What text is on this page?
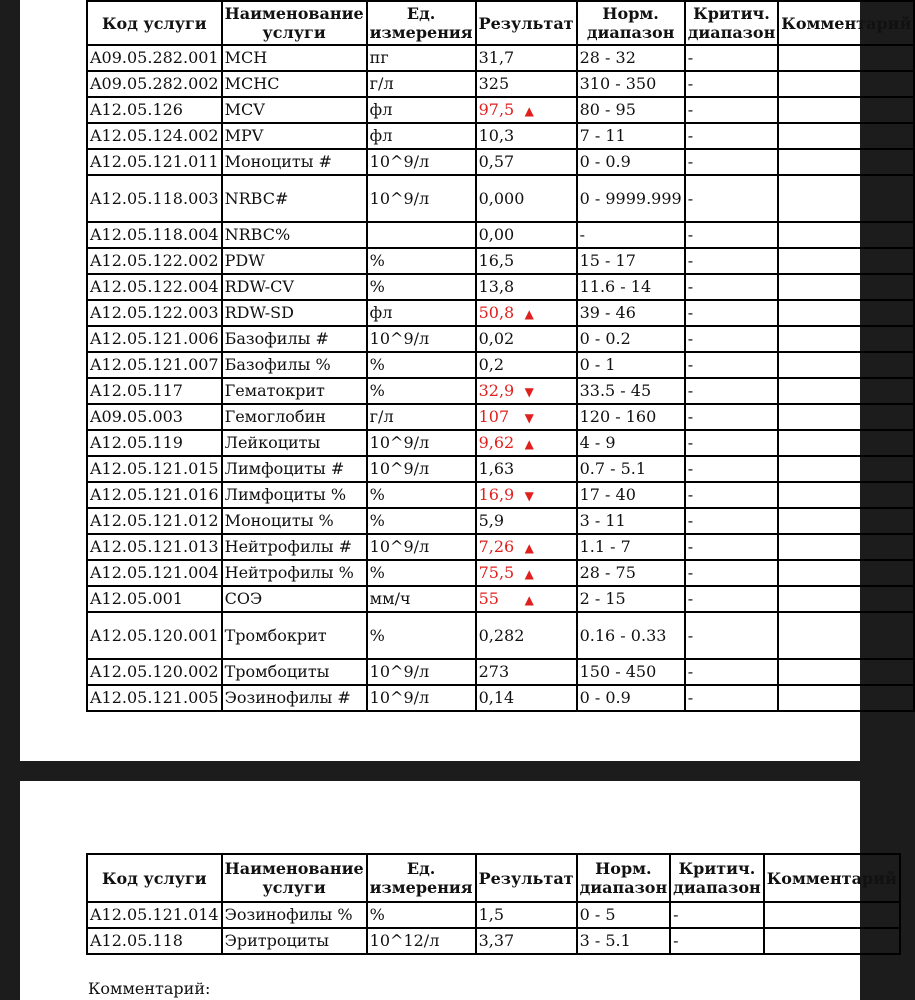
Код услуги	Наименование услуги	Ед. измерения	Результат	Норм. диапазон	Критич. диапазон	Комментарий
A09.05.282.001	MCH	пг	31,7	28 - 32	-	
A09.05.282.002	MCHC	г/л	325	310 - 350	-	
A12.05.126	MCV	фл	97,5 ▲	80 - 95	-	
A12.05.124.002	MPV	фл	10,3	7 - 11	-	
A12.05.121.011	Моноциты #	10^9/л	0,57	0 - 0.9	-	
A12.05.118.003	NRBC#	10^9/л	0,000	0 - 9999.999	-	
A12.05.118.004	NRBC%		0,00	-	-	
A12.05.122.002	PDW	%	16,5	15 - 17	-	
A12.05.122.004	RDW-CV	%	13,8	11.6 - 14	-	
A12.05.122.003	RDW-SD	фл	50,8 ▲	39 - 46	-	
A12.05.121.006	Базофилы #	10^9/л	0,02	0 - 0.2	-	
A12.05.121.007	Базофилы %	%	0,2	0 - 1	-	
A12.05.117	Гематокрит	%	32,9 ▼	33.5 - 45	-	
A09.05.003	Гемоглобин	г/л	107 ▼	120 - 160	-	
A12.05.119	Лейкоциты	10^9/л	9,62 ▲	4 - 9	-	
A12.05.121.015	Лимфоциты #	10^9/л	1,63	0.7 - 5.1	-	
A12.05.121.016	Лимфоциты %	%	16,9 ▼	17 - 40	-	
A12.05.121.012	Моноциты %	%	5,9	3 - 11	-	
A12.05.121.013	Нейтрофилы #	10^9/л	7,26 ▲	1.1 - 7	-	
A12.05.121.004	Нейтрофилы %	%	75,5 ▲	28 - 75	-	
A12.05.001	СОЭ	мм/ч	55 ▲	2 - 15	-	
A12.05.120.001	Тромбокрит	%	0,282	0.16 - 0.33	-	
A12.05.120.002	Тромбоциты	10^9/л	273	150 - 450	-	
A12.05.121.005	Эозинофилы #	10^9/л	0,14	0 - 0.9	-	
Код услуги	Наименование услуги	Ед. измерения	Результат	Норм. диапазон	Критич. диапазон	Комментарий
A12.05.121.014	Эозинофилы %	%	1,5	0 - 5	-	
A12.05.118	Эритроциты	10^12/л	3,37	3 - 5.1	-	
Комментарий:
